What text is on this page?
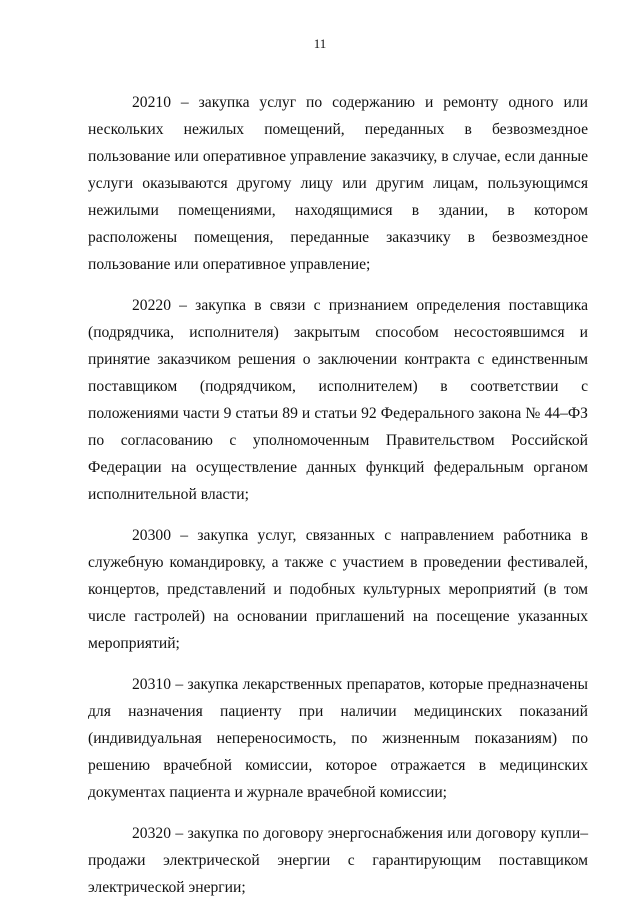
11

20210 – закупка услуг по содержанию и ремонту одного или нескольких нежилых помещений, переданных в безвозмездное пользование или оперативное управление заказчику, в случае, если данные услуги оказываются другому лицу или другим лицам, пользующимся нежилыми помещениями, находящимися в здании, в котором расположены помещения, переданные заказчику в безвозмездное пользование или оперативное управление;

20220 – закупка в связи с признанием определения поставщика (подрядчика, исполнителя) закрытым способом несостоявшимся и принятие заказчиком решения о заключении контракта с единственным поставщиком (подрядчиком, исполнителем) в соответствии с положениями части 9 статьи 89 и статьи 92 Федерального закона № 44–ФЗ по согласованию с уполномоченным Правительством Российской Федерации на осуществление данных функций федеральным органом исполнительной власти;

20300 – закупка услуг, связанных с направлением работника в служебную командировку, а также с участием в проведении фестивалей, концертов, представлений и подобных культурных мероприятий (в том числе гастролей) на основании приглашений на посещение указанных мероприятий;

20310 – закупка лекарственных препаратов, которые предназначены для назначения пациенту при наличии медицинских показаний (индивидуальная непереносимость, по жизненным показаниям) по решению врачебной комиссии, которое отражается в медицинских документах пациента и журнале врачебной комиссии;

20320 – закупка по договору энергоснабжения или договору купли–продажи электрической энергии с гарантирующим поставщиком электрической энергии;
